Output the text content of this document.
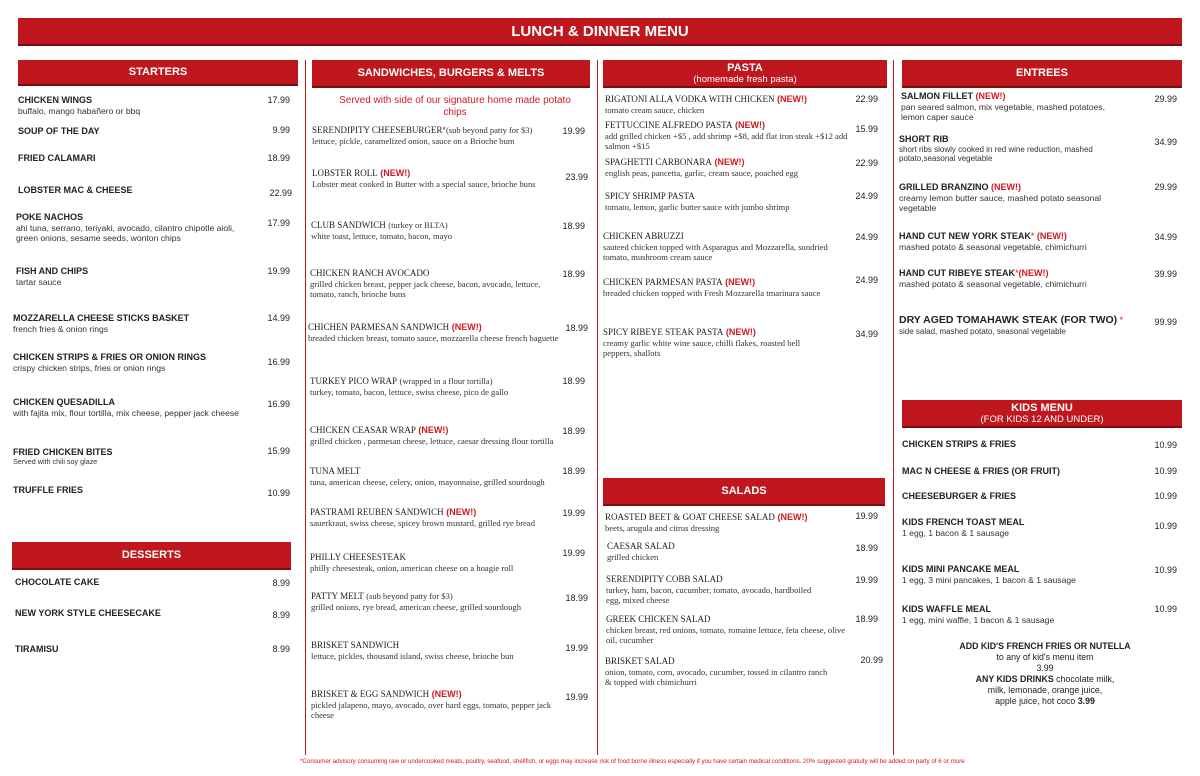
LUNCH & DINNER MENU
STARTERS
CHICKEN WINGS
buffalo, mango habañero or bbq
17.99
SOUP OF THE DAY	9.99
FRIED CALAMARI	18.99
LOBSTER MAC & CHEESE	22.99
POKE NACHOS
ahi tuna, serrano, teriyaki, avocado, cilantro chipotle aioli, green onions, sesame seeds, wonton chips
17.99
FISH AND CHIPS
tartar sauce
19.99
MOZZARELLA CHEESE STICKS BASKET
french fries & onion rings
14.99
CHICKEN STRIPS & FRIES OR ONION RINGS
crispy chicken strips, fries or onion rings
16.99
CHICKEN QUESADILLA
with fajita mix, flour tortilla, mix cheese, pepper jack cheese
16.99
FRIED CHICKEN BITES
Served with chili soy glaze
15.99
TRUFFLE FRIES	10.99
DESSERTS
CHOCOLATE CAKE	8.99
NEW YORK STYLE CHEESECAKE	8.99
TIRAMISU	8.99
SANDWICHES, BURGERS & MELTS
Served with side of our signature home made potato chips
SERENDIPITY CHEESEBURGER*(sub beyond patty for $3)
lettuce, pickle, caramelized onion, sauce on a Brioche bum
19.99
LOBSTER ROLL (NEW!)
Lobster meat cooked in Butter with a special sauce, brioche buns
23.99
CLUB SANDWICH (turkey or BLTA)
white toast, lettuce, tomato, bacon, mayo
18.99
CHICKEN RANCH AVOCADO
grilled chicken breast, pepper jack cheese, bacon, avocado, lettuce, tomato, ranch, brioche buns
18.99
CHICHEN PARMESAN SANDWICH (NEW!)
breaded chicken breast, tomato sauce, mozzarella cheese french baguette
18.99
TURKEY PICO WRAP (wrapped in a flour tortilla)
turkey, tomato, bacon, lettuce, swiss cheese, pico de gallo
18.99
CHICKEN CEASAR WRAP (NEW!)
grilled chicken , parmesan cheese, lettuce, caesar dressing flour tortilla
18.99
TUNA MELT
tuna, american cheese, celery, onion, mayonnaise, grilled sourdough
18.99
PASTRAMI REUBEN SANDWICH (NEW!)
sauerkraut, swiss cheese, spicey brown mustard, grilled rye bread
19.99
PHILLY CHEESESTEAK
philly cheesesteak, onion, american cheese on a hoagie roll
19.99
PATTY MELT (sub beyond patty for $3)
grilled onions, rye bread, american cheese, grilled sourdough
18.99
BRISKET SANDWICH
lettuce, pickles, thousand island, swiss cheese, brioche bun
19.99
BRISKET & EGG SANDWICH (NEW!)
pickled jalapeno, mayo, avocado, over hard eggs, tomato, pepper jack cheese
19.99
PASTA
(homemade fresh pasta)
RIGATONI ALLA VODKA WITH CHICKEN (NEW!)
tomato cream sauce, chicken
22.99
FETTUCCINE ALFREDO PASTA (NEW!)
add grilled chicken +$5 , add shrimp +$8, add flat iron steak +$12 add salmon +$15
15.99
SPAGHETTI CARBONARA (NEW!)
english peas, pancetta, garlic, cream sauce, poached egg
22.99
SPICY SHRIMP PASTA
tomato, lemon, garlic butter sauce with jumbo shrimp
24.99
CHICKEN ABRUZZI
sauteed chicken topped with Asparagus and Mozzarella, sundried tomato, mushroom cream sauce
24.99
CHICKEN PARMESAN PASTA (NEW!)
breaded chicken topped with Fresh Mozzarella tmarinara sauce
24.99
SPICY RIBEYE STEAK PASTA (NEW!)
creamy garlic white wine sauce, chilli flakes, roasted bell peppers, shallots
34.99
SALADS
ROASTED BEET & GOAT CHEESE SALAD (NEW!)
beets, arugula and citrus dressing
19.99
CAESAR SALAD
grilled chicken
18.99
SERENDIPITY COBB SALAD
turkey, ham, bacon, cucumber, tomato, avocado, hardboiled egg, mixed cheese
19.99
GREEK CHICKEN SALAD
chicken breast, red onions, tomato, romaine lettuce, feta cheese, olive oil, cucumber
18.99
BRISKET SALAD
onion, tomato, corn, avocado, cucumber, tossed in cilantro ranch & topped with chimichurri
20.99
ENTREES
SALMON FILLET (NEW!)
pan seared salmon, mix vegetable, mashed potatoes, lemon caper sauce
29.99
SHORT RIB
short ribs slowly cooked in red wine reduction, mashed potato,seasonal vegetable
34.99
GRILLED BRANZINO (NEW!)
creamy lemon butter sauce, mashed potato seasonal vegetable
29.99
HAND CUT NEW YORK STEAK* (NEW!)
mashed potato & seasonal vegetable, chimichurri
34.99
HAND CUT RIBEYE STEAK*(NEW!)
mashed potato & seasonal vegetable, chimichurri
39.99
DRY AGED TOMAHAWK STEAK (FOR TWO) *
side salad, mashed potato, seasonal vegetable
99.99
KIDS MENU
(FOR KIDS 12 AND UNDER)
CHICKEN STRIPS & FRIES	10.99
MAC N CHEESE & FRIES (OR FRUIT)	10.99
CHEESEBURGER & FRIES	10.99
KIDS FRENCH TOAST MEAL
1 egg, 1 bacon & 1 sausage
10.99
KIDS MINI PANCAKE MEAL
1 egg, 3 mini pancakes, 1 bacon & 1 sausage
10.99
KIDS WAFFLE MEAL
1 egg, mini waffle, 1 bacon & 1 sausage
10.99
ADD KID'S FRENCH FRIES OR NUTELLA
to any of kid's menu item
3.99
ANY KIDS DRINKS chocolate milk,
milk, lemonade, orange juice,
apple juice, hot coco 3.99
*Consumer advisory consuming raw or undercooked meats, poultry, seafood, shellfish, or eggs may increase risk of food borne illness especially if you have certain medical conditions. 20% suggested gratuity will be added on party of 6 or more
